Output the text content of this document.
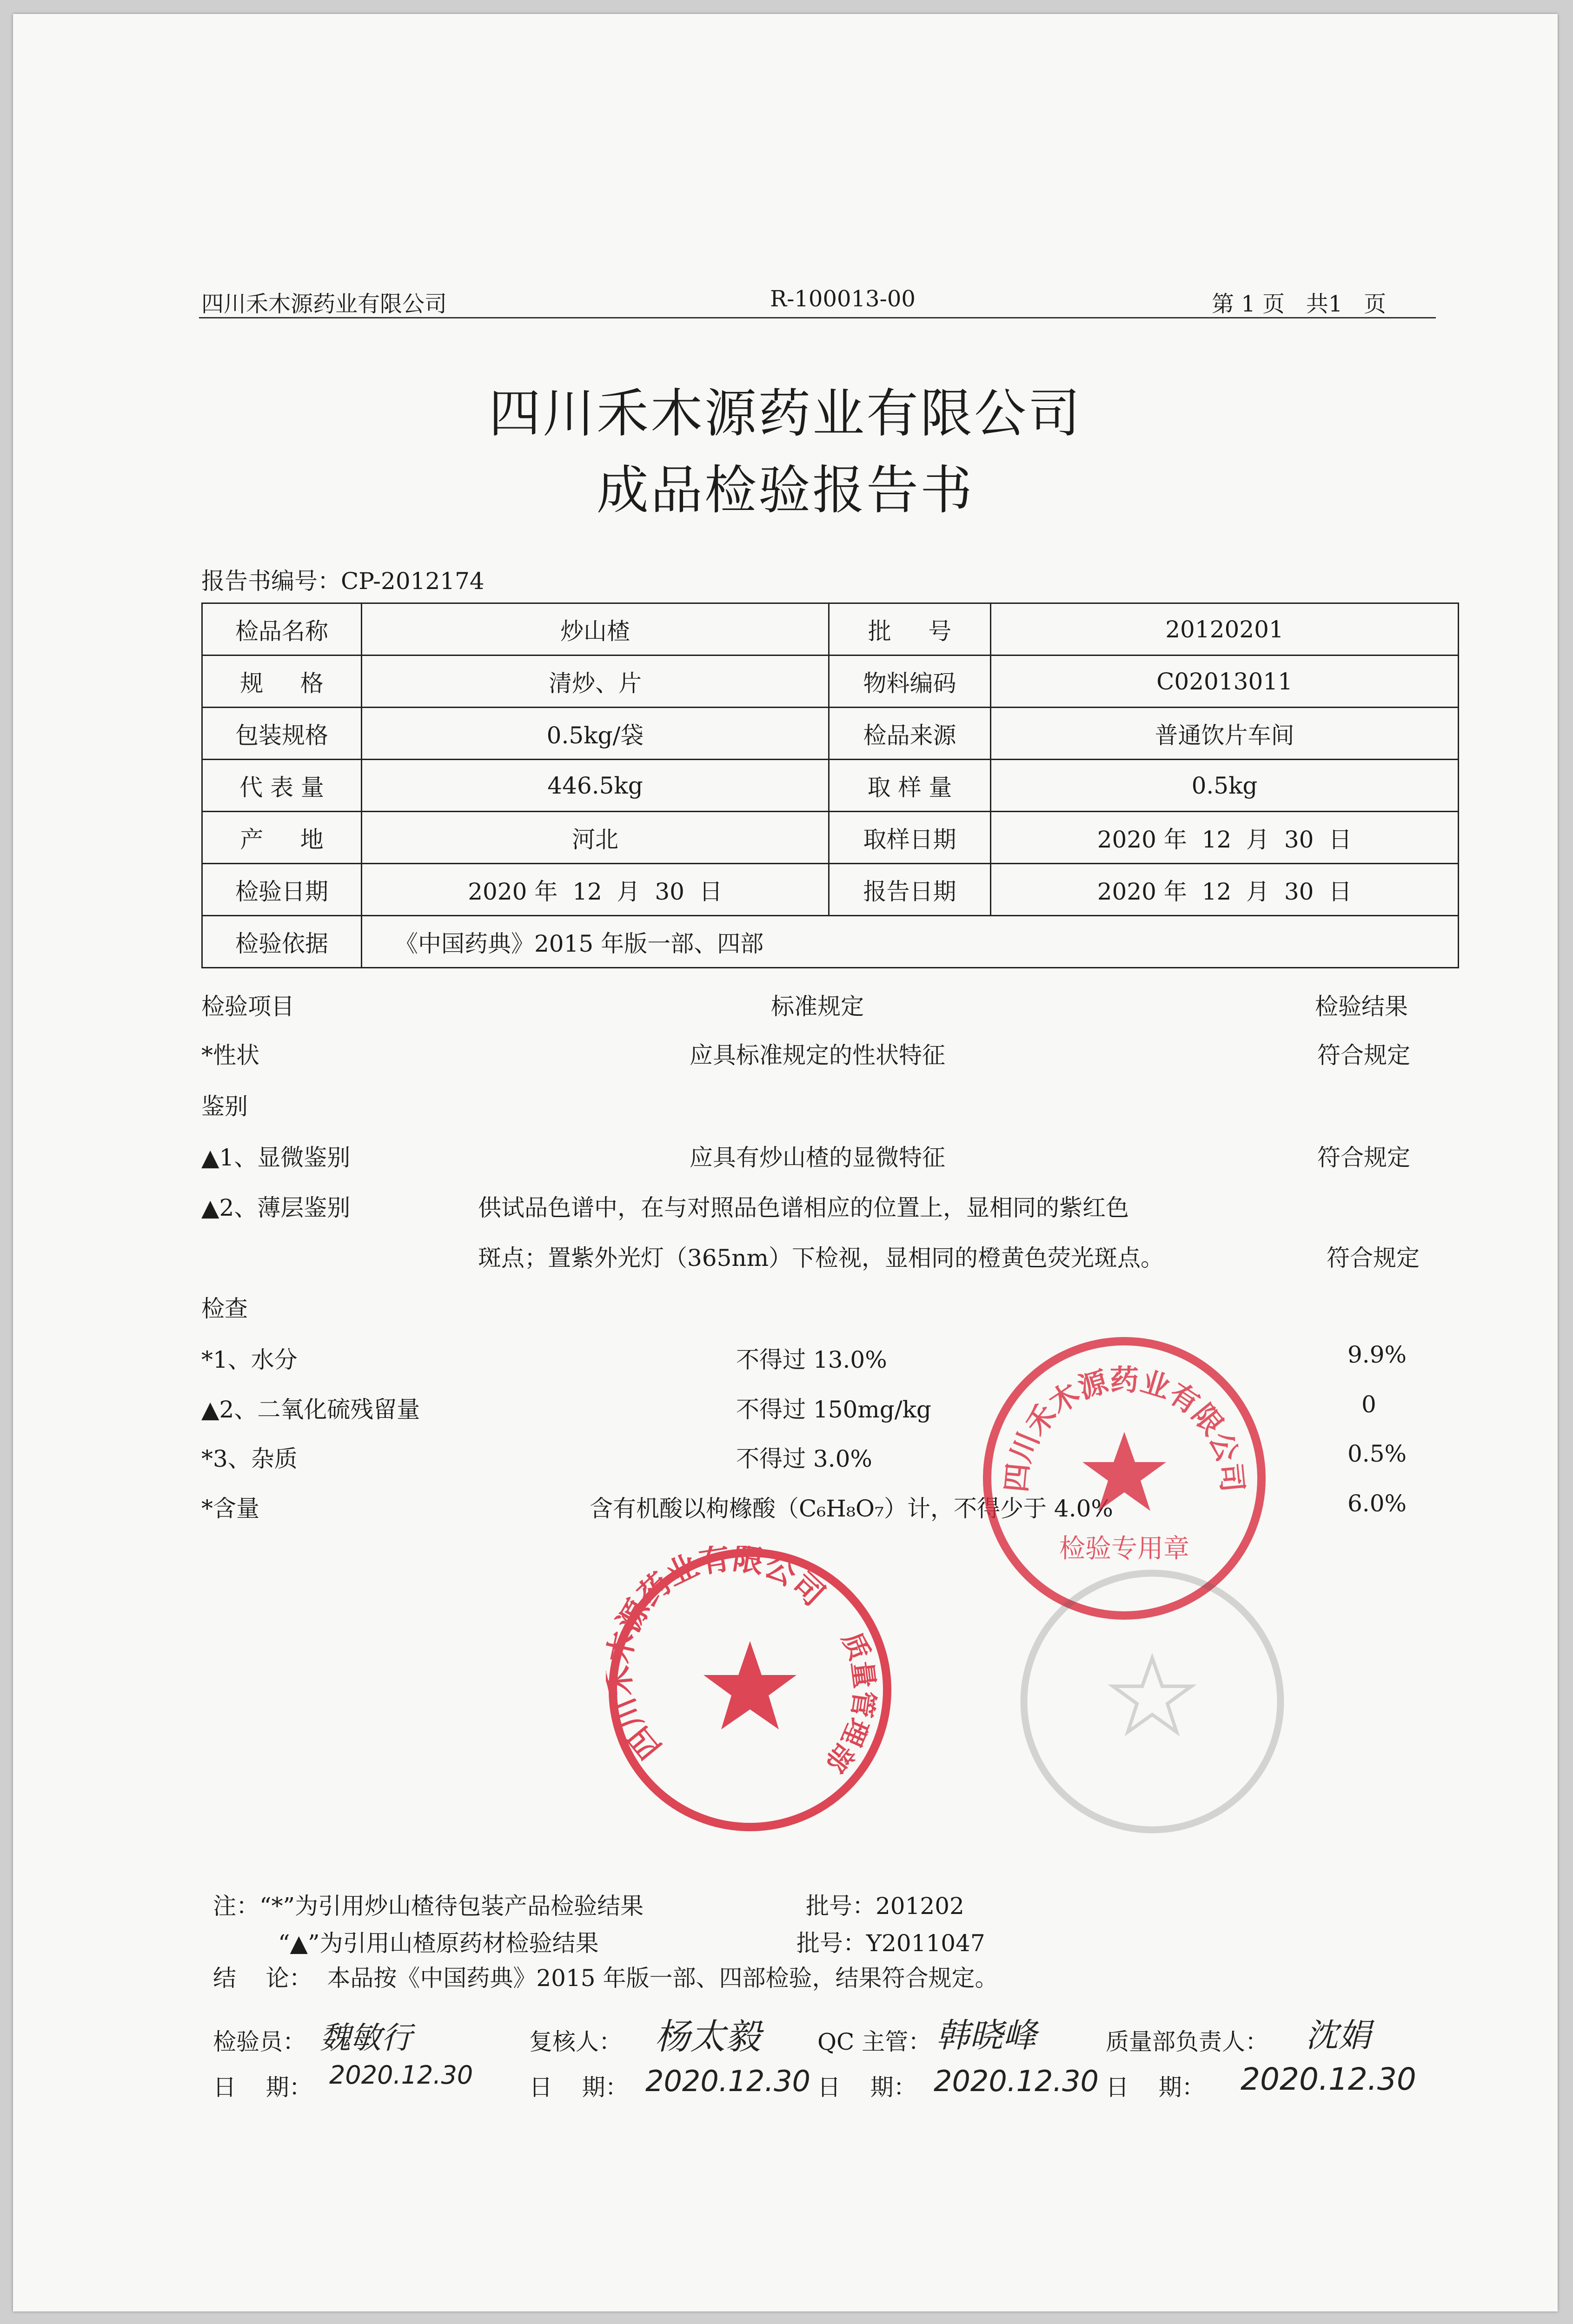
四川禾木源药业有限公司	R-100013-00	第 1 页   共1   页
四川禾木源药业有限公司
成品检验报告书
报告书编号：CP-2012174
检品名称	炒山楂	批     号	20120201
规     格	清炒、片	物料编码	C02013011
包装规格	0.5kg/袋	检品来源	普通饮片车间
代 表 量	446.5kg	取 样 量	0.5kg
产     地	河北	取样日期	2020 年  12  月  30  日
检验日期	2020 年  12  月  30  日	报告日期	2020 年  12  月  30  日
检验依据	《中国药典》2015 年版一部、四部		
检验项目	标准规定	检验结果
*性状	应具标准规定的性状特征	符合规定
鉴别
▲1、显微鉴别	应具有炒山楂的显微特征	符合规定
▲2、薄层鉴别	供试品色谱中，在与对照品色谱相应的位置上，显相同的紫红色
斑点；置紫外光灯（365nm）下检视，显相同的橙黄色荧光斑点。	符合规定
检查
*1、水分	不得过 13.0%	9.9%
▲2、二氧化硫残留量	不得过 150mg/kg	0
*3、杂质	不得过 3.0%	0.5%
*含量	含有机酸以枸橼酸（C₆H₈O₇）计，不得少于 4.0%	6.0%
四川禾木源药业有限公司
检验专用章
四川 源药业有限公司
质量管理部
注：“*”为引用炒山楂待包装产品检验结果	批号：201202
“▲”为引用山楂原药材检验结果	批号：Y2011047
结    论：  本品按《中国药典》2015 年版一部、四部检验，结果符合规定。
检验员： 魏敏行	复核人： 杨太毅 QC 主管： 韩晓峰	质量部负责人： 沈娟
日    期： 2020.12.30 日    期： 2020.12.30 日    期： 2020.12.30 日    期： 2020.12.30
